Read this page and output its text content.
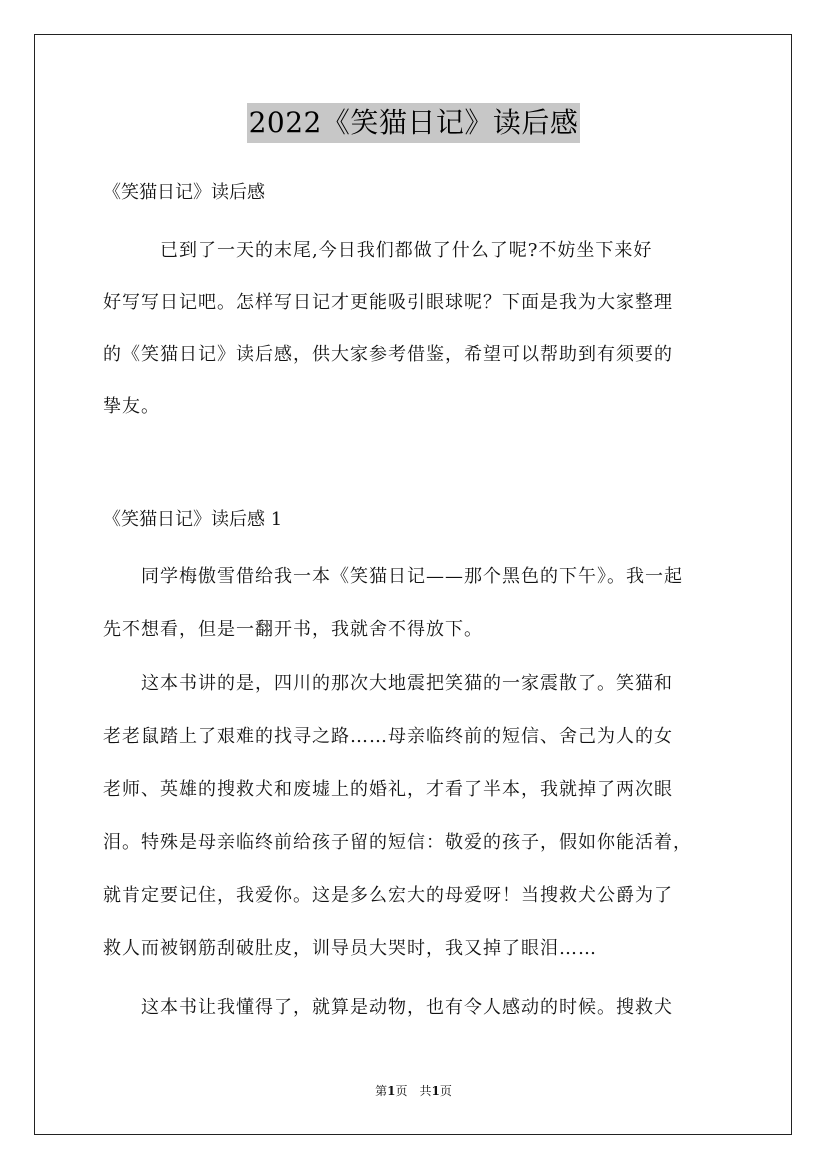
2022《笑猫日记》读后感
《笑猫日记》读后感
　　　已到了一天的末尾,今日我们都做了什么了呢?不妨坐下来好
好写写日记吧。怎样写日记才更能吸引眼球呢？下面是我为大家整理
的《笑猫日记》读后感，供大家参考借鉴，希望可以帮助到有须要的
挚友。
《笑猫日记》读后感 1
　　同学梅傲雪借给我一本《笑猫日记——那个黑色的下午》。我一起
先不想看，但是一翻开书，我就舍不得放下。
　　这本书讲的是，四川的那次大地震把笑猫的一家震散了。笑猫和
老老鼠踏上了艰难的找寻之路……母亲临终前的短信、舍己为人的女
老师、英雄的搜救犬和废墟上的婚礼，才看了半本，我就掉了两次眼
泪。特殊是母亲临终前给孩子留的短信：敬爱的孩子，假如你能活着，
就肯定要记住，我爱你。这是多么宏大的母爱呀！当搜救犬公爵为了
救人而被钢筋刮破肚皮，训导员大哭时，我又掉了眼泪……
　　这本书让我懂得了，就算是动物，也有令人感动的时候。搜救犬
第1页　共1页
